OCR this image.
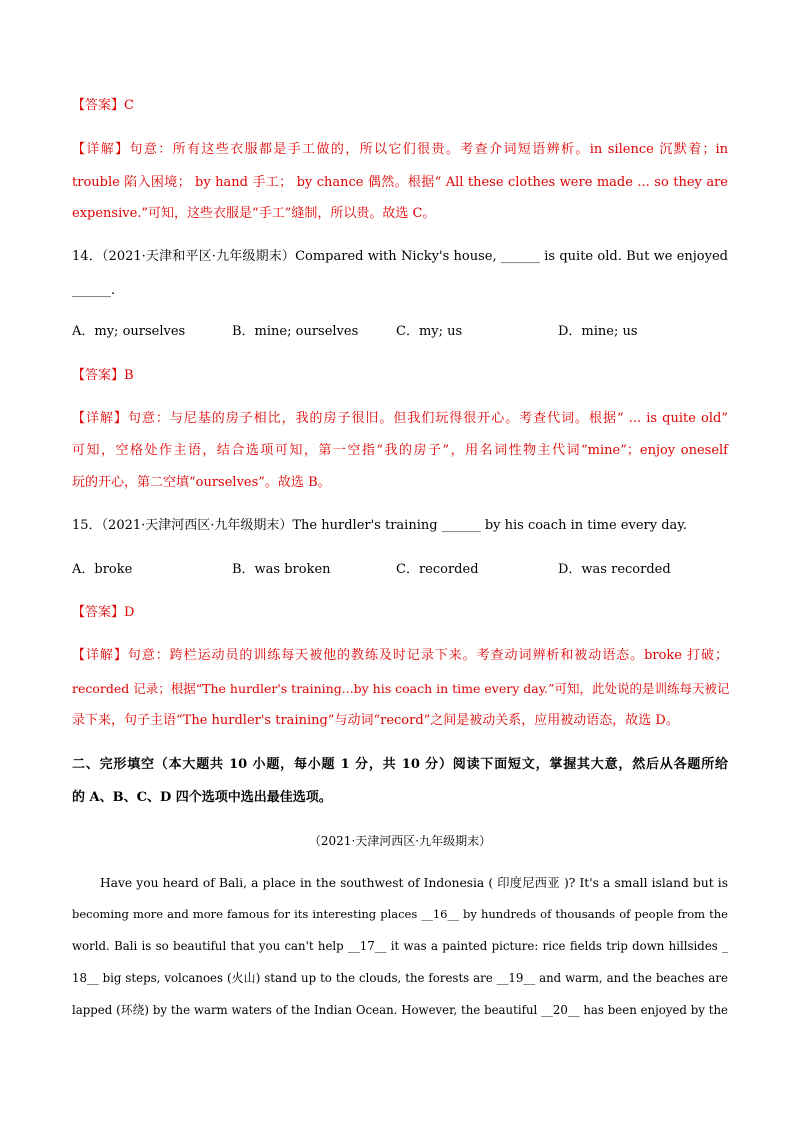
【答案】C
【详解】句意：所有这些衣服都是手工做的，所以它们很贵。考查介词短语辨析。in silence 沉默着；in
trouble 陷入困境； by hand 手工； by chance 偶然。根据“ All these clothes were made ... so they are
expensive.”可知，这些衣服是“手工”缝制，所以贵。故选 C。
14．（2021·天津和平区·九年级期末）Compared with Nicky's house, ______ is quite old. But we enjoyed
______.
A．my; ourselves	B．mine; ourselves	C．my; us	D．mine; us
【答案】B
【详解】句意：与尼基的房子相比，我的房子很旧。但我们玩得很开心。考查代词。根据“ ... is quite old”
可知，空格处作主语，结合选项可知，第一空指“我的房子”，用名词性物主代词“mine”；enjoy oneself
玩的开心，第二空填“ourselves”。故选 B。
15．（2021·天津河西区·九年级期末）The hurdler's training ______ by his coach in time every day.
A．broke	B．was broken	C．recorded	D．was recorded
【答案】D
【详解】句意：跨栏运动员的训练每天被他的教练及时记录下来。考查动词辨析和被动语态。broke 打破；
recorded 记录；根据“The hurdler's training...by his coach in time every day.”可知，此处说的是训练每天被记
录下来，句子主语“The hurdler's training”与动词“record”之间是被动关系，应用被动语态，故选 D。
二、完形填空（本大题共 10 小题，每小题 1 分，共 10 分）阅读下面短文，掌握其大意，然后从各题所给
的 A、B、C、D 四个选项中选出最佳选项。
（2021·天津河西区·九年级期末）
Have you heard of Bali, a place in the southwest of Indonesia ( 印度尼西亚 )? It's a small island but is
becoming more and more famous for its interesting places __16__ by hundreds of thousands of people from the
world. Bali is so beautiful that you can't help __17__ it was a painted picture: rice fields trip down hillsides _
18__ big steps, volcanoes (火山) stand up to the clouds, the forests are __19__ and warm, and the beaches are
lapped (环绕) by the warm waters of the Indian Ocean. However, the beautiful __20__ has been enjoyed by the
